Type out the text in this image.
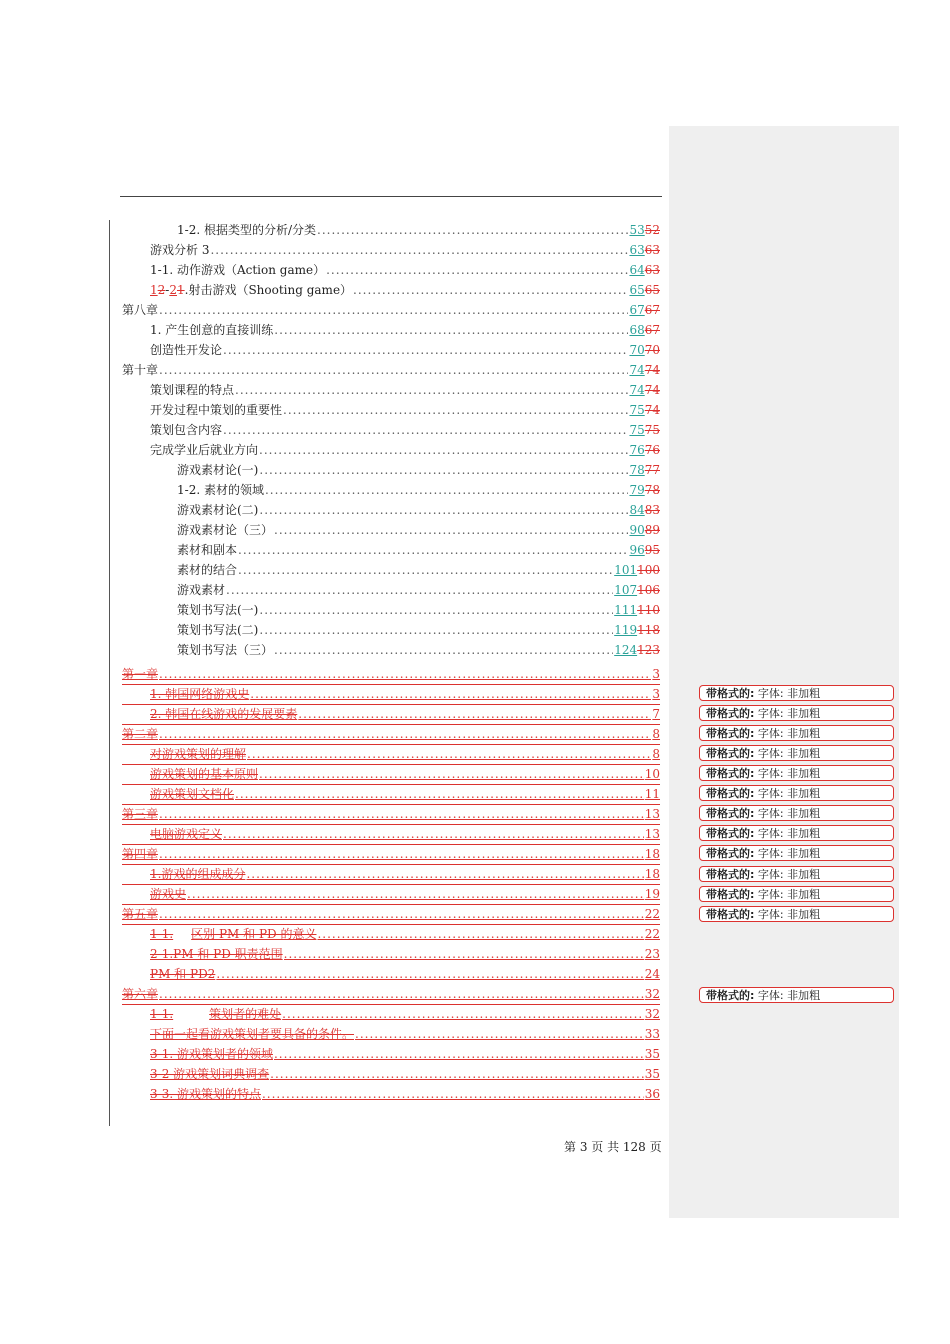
1-2. 根据类型的分析/分类 .....	5352
游戏分析 3 .....	6363
1-1. 动作游戏（Action game） .....	6463
12-21.射击游戏（Shooting game） .....	6565
第八章 .....	6767
1. 产生创意的直接训练 .....	6867
创造性开发论 .....	7070
第十章 .....	7474
策划课程的特点 .....	7474
开发过程中策划的重要性 .....	7574
策划包含内容 .....	7575
完成学业后就业方向 .....	7676
游戏素材论(一) .....	7877
1-2. 素材的领域 .....	7978
游戏素材论(二) .....	8483
游戏素材论（三） .....	9089
素材和剧本 .....	9695
素材的结合 .....	101100
游戏素材 .....	107106
策划书写法(一) .....	111110
策划书写法(二) .....	119118
策划书写法（三） .....	124123
第一章 .....	3
1. 韩国网络游戏史 .....	3
2. 韩国在线游戏的发展要素 .....	7
第二章 .....	8
对游戏策划的理解 .....	8
游戏策划的基本原则 .....	10
游戏策划文档化 .....	11
第三章 .....	13
电脑游戏定义 .....	13
第四章 .....	18
1.游戏的组成成分 .....	18
游戏史 .....	19
第五章 .....	22
1-1. 区别 PM 和 PD 的意义 .....	22
2-1.PM 和 PD 职责范围 .....	23
PM 和 PD2 .....	24
第六章 .....	32
1-1.	策划者的难处 .....	32
下面一起看游戏策划者要具备的条件。 .....	33
3-1. 游戏策划者的领域 .....	35
3-2 游戏策划词典调查 .....	35
3-3. 游戏策划的特点 .....	36
带格式的: 字体: 非加粗
带格式的: 字体: 非加粗
带格式的: 字体: 非加粗
带格式的: 字体: 非加粗
带格式的: 字体: 非加粗
带格式的: 字体: 非加粗
带格式的: 字体: 非加粗
带格式的: 字体: 非加粗
带格式的: 字体: 非加粗
带格式的: 字体: 非加粗
带格式的: 字体: 非加粗
带格式的: 字体: 非加粗
带格式的: 字体: 非加粗
第 3 页 共 128 页
